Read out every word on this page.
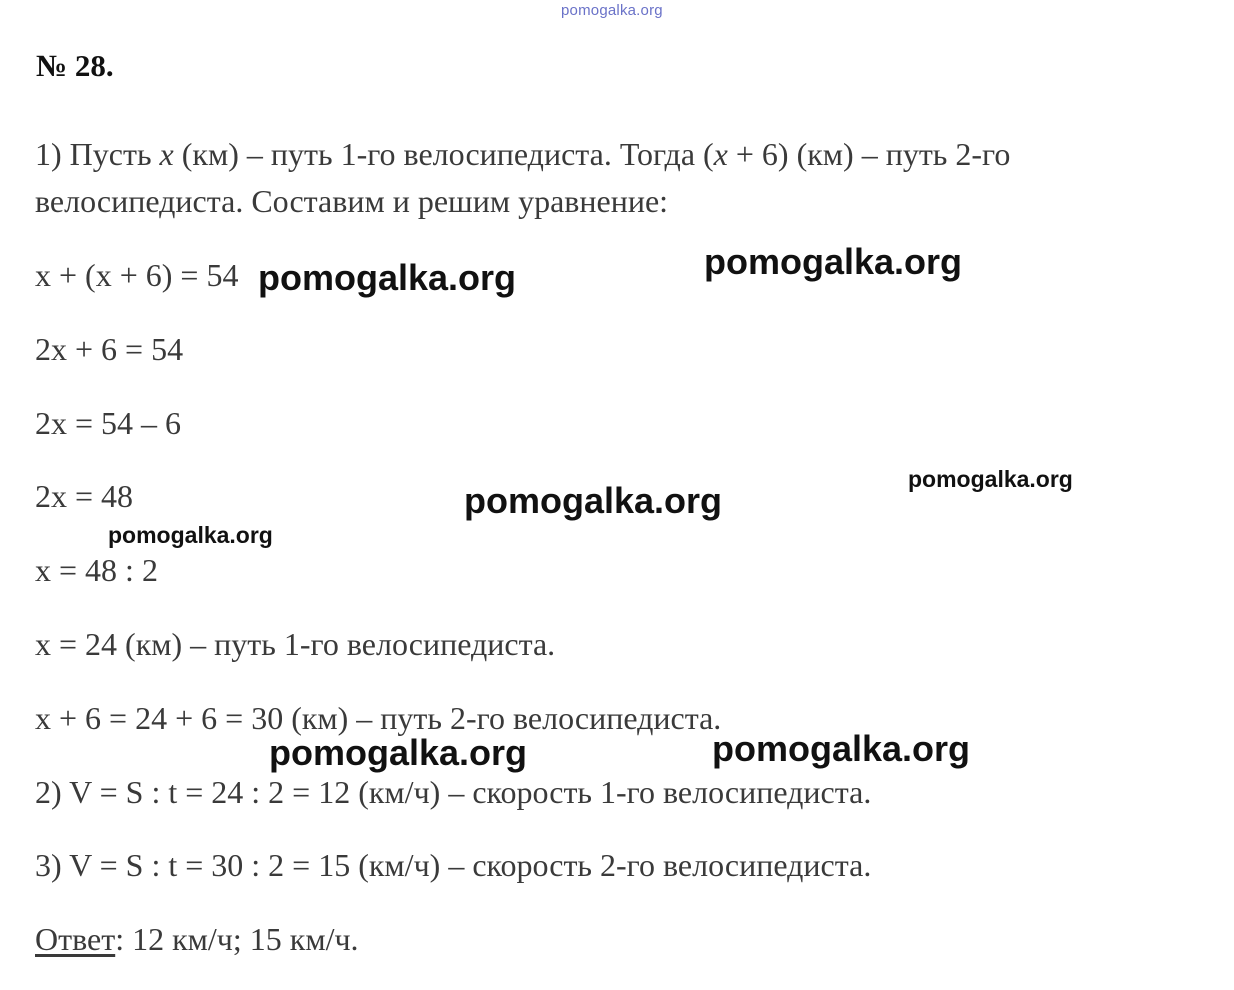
pomogalka.org
№ 28.
1) Пусть x (км) – путь 1-го велосипедиста. Тогда (x + 6) (км) – путь 2-го
велосипедиста. Составим и решим уравнение:
x + (x + 6) = 54
2x + 6 = 54
2x = 54 – 6
2x = 48
x = 48 : 2
x = 24 (км) – путь 1-го велосипедиста.
x + 6 = 24 + 6 = 30 (км) – путь 2-го велосипедиста.
2) V = S : t = 24 : 2 = 12 (км/ч) – скорость 1-го велосипедиста.
3) V = S : t = 30 : 2 = 15 (км/ч) – скорость 2-го велосипедиста.
Ответ: 12 км/ч; 15 км/ч.
pomogalka.org	pomogalka.org
pomogalka.org
pomogalka.org
pomogalka.org
pomogalka.org	pomogalka.org
